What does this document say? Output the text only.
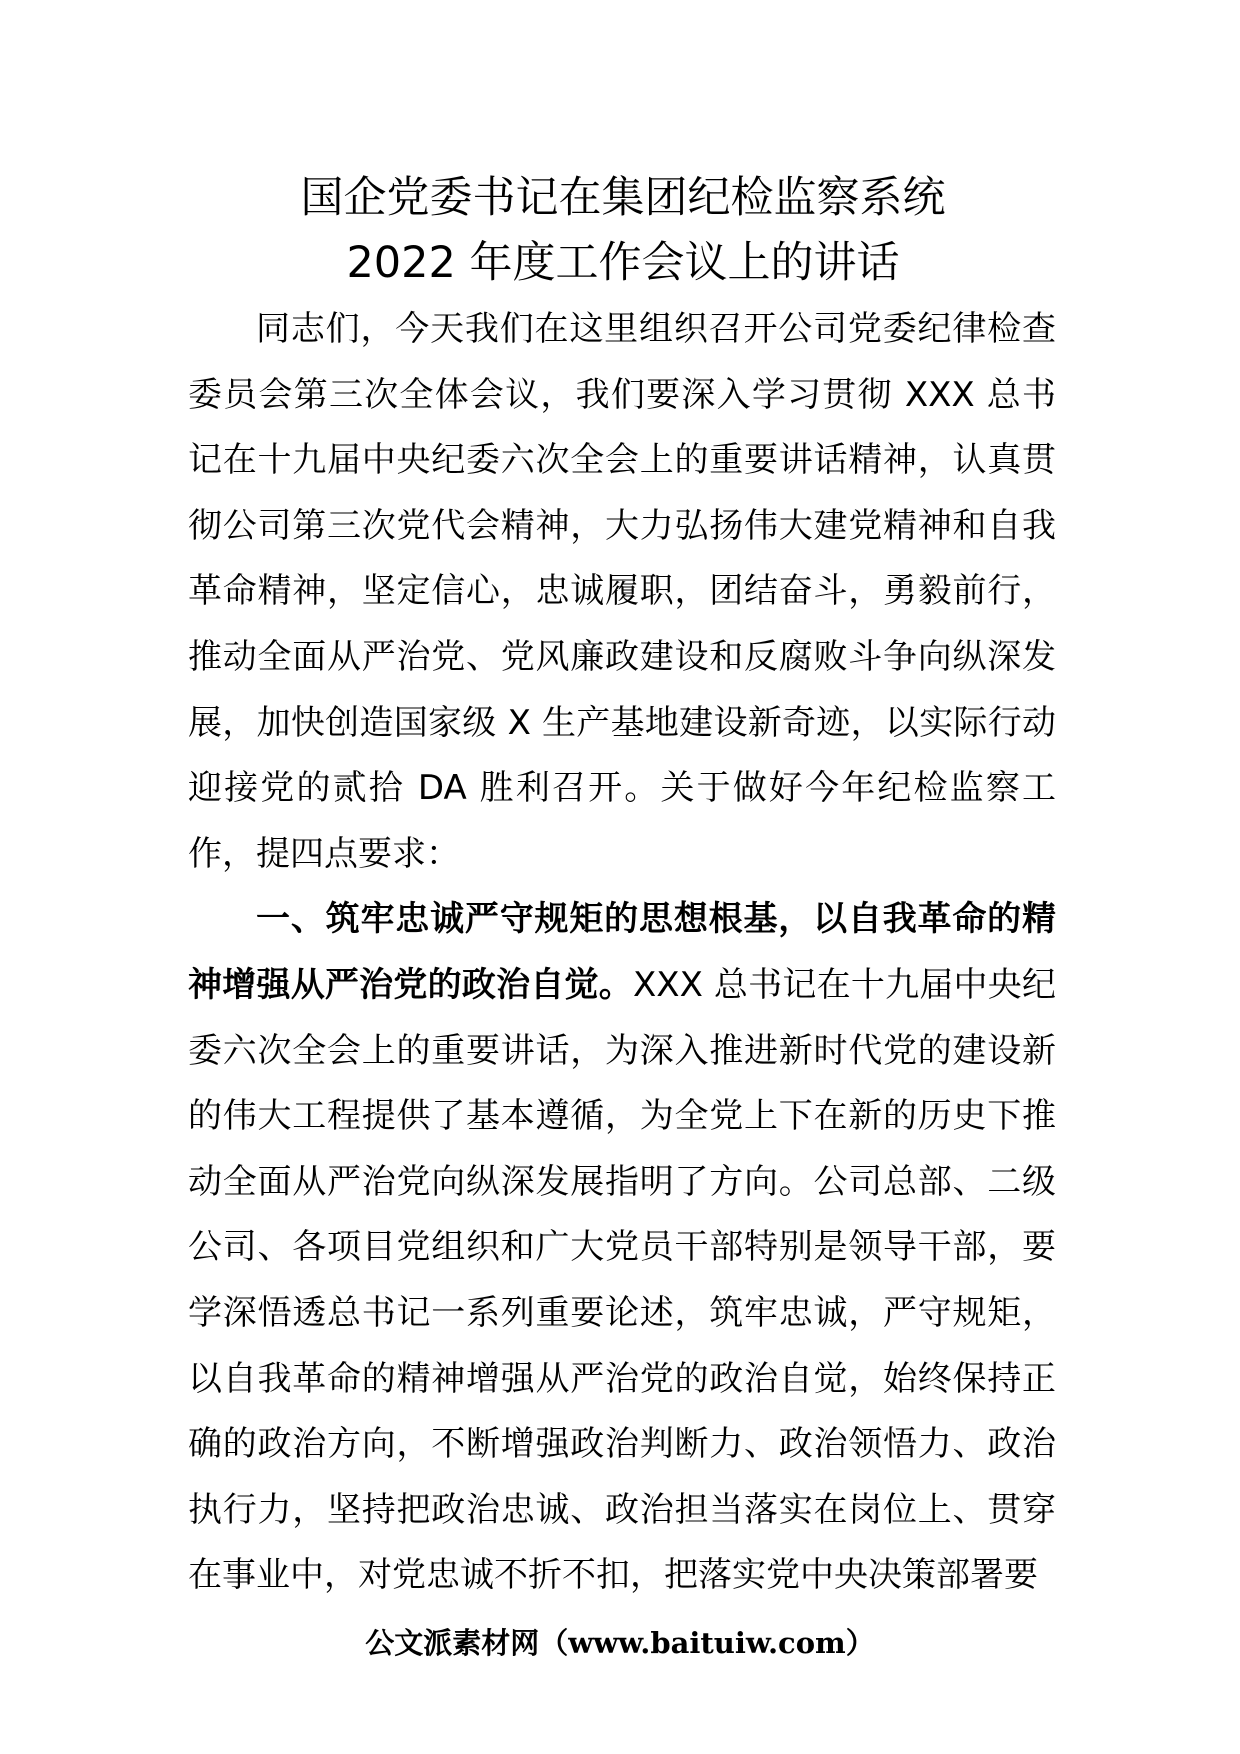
国企党委书记在集团纪检监察系统
2022 年度工作会议上的讲话

同志们，今天我们在这里组织召开公司党委纪律检查委员会第三次全体会议，我们要深入学习贯彻 XXX 总书记在十九届中央纪委六次全会上的重要讲话精神，认真贯彻公司第三次党代会精神，大力弘扬伟大建党精神和自我革命精神，坚定信心，忠诚履职，团结奋斗，勇毅前行，推动全面从严治党、党风廉政建设和反腐败斗争向纵深发展，加快创造国家级 X 生产基地建设新奇迹，以实际行动迎接党的贰拾 DA 胜利召开。关于做好今年纪检监察工作，提四点要求：

一、筑牢忠诚严守规矩的思想根基，以自我革命的精神增强从严治党的政治自觉。XXX 总书记在十九届中央纪委六次全会上的重要讲话，为深入推进新时代党的建设新的伟大工程提供了基本遵循，为全党上下在新的历史下推动全面从严治党向纵深发展指明了方向。公司总部、二级公司、各项目党组织和广大党员干部特别是领导干部，要学深悟透总书记一系列重要论述，筑牢忠诚，严守规矩，以自我革命的精神增强从严治党的政治自觉，始终保持正确的政治方向，不断增强政治判断力、政治领悟力、政治执行力，坚持把政治忠诚、政治担当落实在岗位上、贯穿在事业中，对党忠诚不折不扣，把落实党中央决策部署要

公文派素材网（www.baituiw.com）
